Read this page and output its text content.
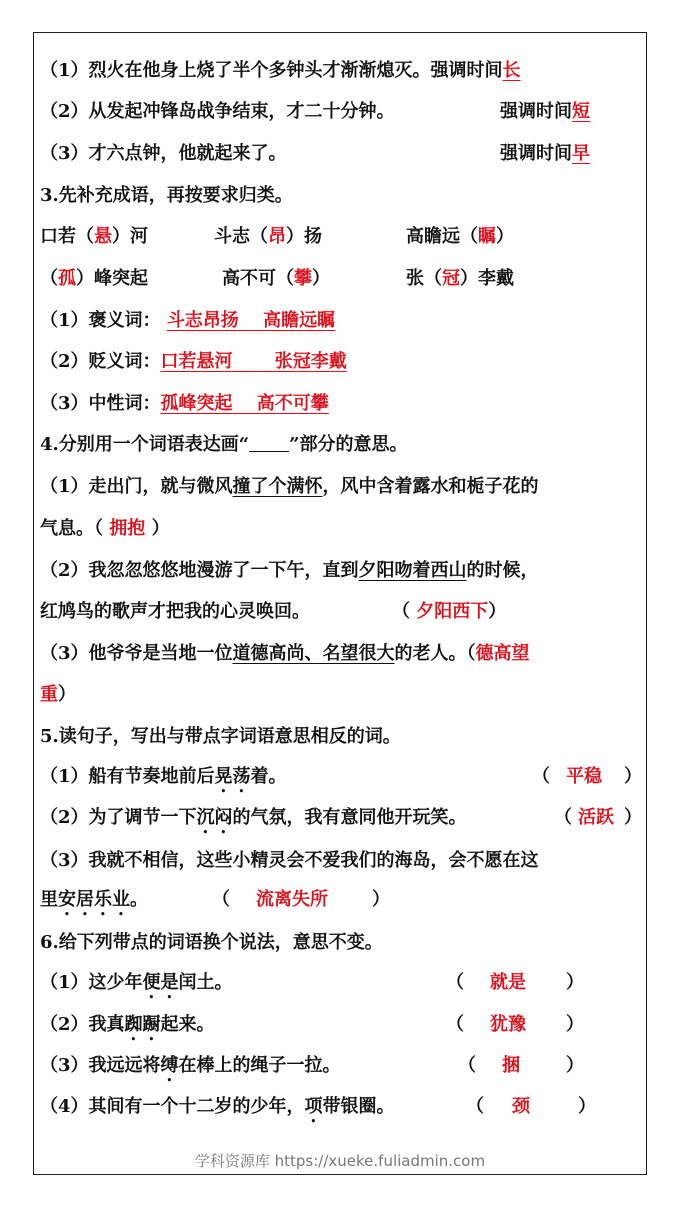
（1）烈火在他身上烧了半个多钟头才渐渐熄灭。强调时间长
（2）从发起冲锋岛战争结束，才二十分钟。	强调时间短
（3）才六点钟，他就起来了。	强调时间早
3.先补充成语，再按要求归类。
口若（悬）河	斗志（昂）扬	高瞻远（瞩）
（孤）峰突起	高不可（攀）	张（冠）李戴
（1）褒义词： 斗志昂扬　 高瞻远瞩
（2）贬义词：口若悬河　　 张冠李戴
（3）中性词：孤峰突起　 高不可攀
4.分别用一个词语表达画“ ”部分的意思。
（1）走出门，就与微风撞了个满怀，风中含着露水和栀子花的
气息。（ 拥抱 ）
（2）我忽忽悠悠地漫游了一下午，直到夕阳吻着西山的时候，
红鸠鸟的歌声才把我的心灵唤回。	（ 夕阳西下）
（3）他爷爷是当地一位道德高尚、名望很大的老人。（德高望
重）
5.读句子，写出与带点字词语意思相反的词。
（1）船有节奏地前后晃荡着。	（ 平稳 ）
（2）为了调节一下沉闷的气氛，我有意同他开玩笑。	（ 活跃 ）
（3）我就不相信，这些小精灵会不爱我们的海岛，会不愿在这
里安居乐业。	（ 流离失所 ）
6.给下列带点的词语换个说法，意思不变。
（1）这少年便是闰土。	（ 就是 ）
（2）我真踟蹰起来。	（ 犹豫 ）
（3）我远远将缚在棒上的绳子一拉。	（ 捆	）
（4）其间有一个十二岁的少年，项带银圈。	（ 颈	）
学科资源库 https://xueke.fuliadmin.com
